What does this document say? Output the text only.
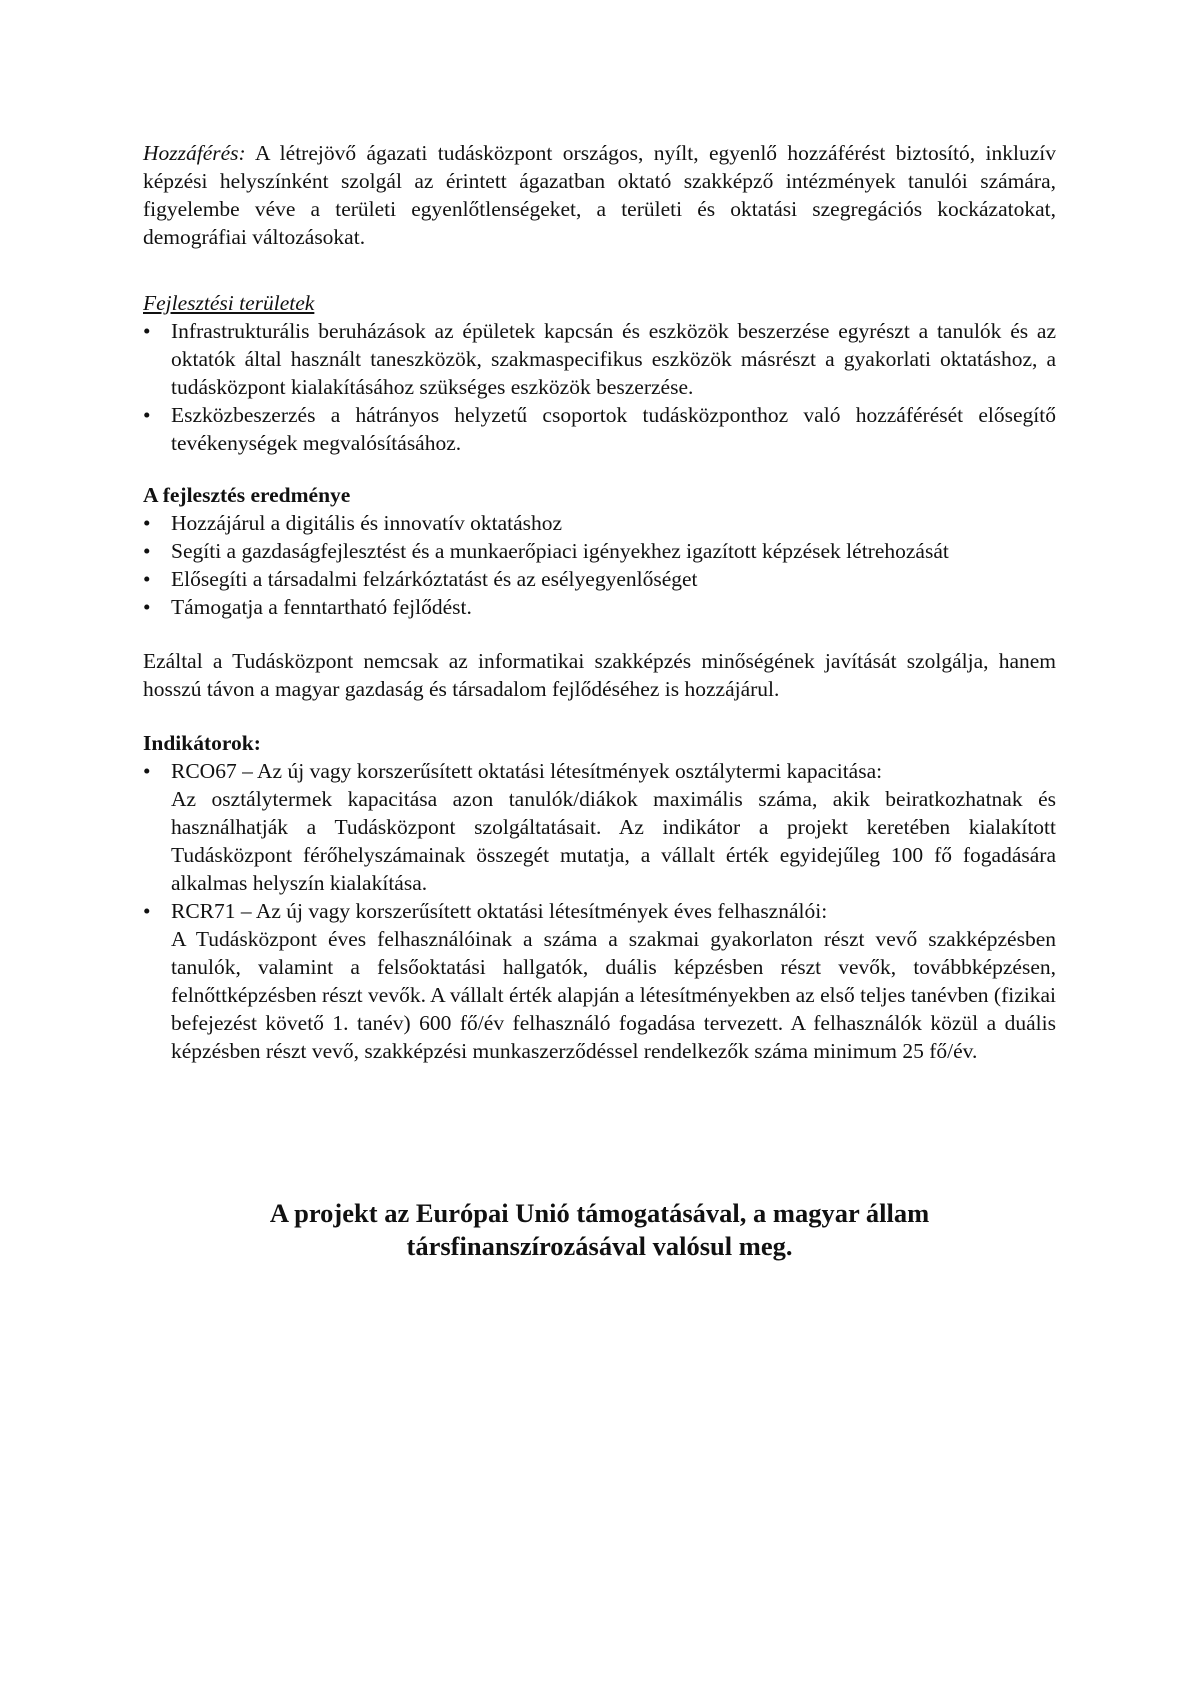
Hozzáférés: A létrejövő ágazati tudásközpont országos, nyílt, egyenlő hozzáférést biztosító, inkluzív képzési helyszínként szolgál az érintett ágazatban oktató szakképző intézmények tanulói számára, figyelembe véve a területi egyenlőtlenségeket, a területi és oktatási szegregációs kockázatokat, demográfiai változásokat.

Fejlesztési területek

• Infrastrukturális beruházások az épületek kapcsán és eszközök beszerzése egyrészt a tanulók és az oktatók által használt taneszközök, szakmaspecifikus eszközök másrészt a gyakorlati oktatáshoz, a tudásközpont kialakításához szükséges eszközök beszerzése.
• Eszközbeszerzés a hátrányos helyzetű csoportok tudásközponthoz való hozzáférését elősegítő tevékenységek megvalósításához.

A fejlesztés eredménye

• Hozzájárul a digitális és innovatív oktatáshoz
• Segíti a gazdaságfejlesztést és a munkaerőpiaci igényekhez igazított képzések létrehozását
• Elősegíti a társadalmi felzárkóztatást és az esélyegyenlőséget
• Támogatja a fenntartható fejlődést.

Ezáltal a Tudásközpont nemcsak az informatikai szakképzés minőségének javítását szolgálja, hanem hosszú távon a magyar gazdaság és társadalom fejlődéséhez is hozzájárul.

Indikátorok:

• RCO67 – Az új vagy korszerűsített oktatási létesítmények osztálytermi kapacitása:
Az osztálytermek kapacitása azon tanulók/diákok maximális száma, akik beiratkozhatnak és használhatják a Tudásközpont szolgáltatásait. Az indikátor a projekt keretében kialakított Tudásközpont férőhelyszámainak összegét mutatja, a vállalt érték egyidejűleg 100 fő fogadására alkalmas helyszín kialakítása.
• RCR71 – Az új vagy korszerűsített oktatási létesítmények éves felhasználói:
A Tudásközpont éves felhasználóinak a száma a szakmai gyakorlaton részt vevő szakképzésben tanulók, valamint a felsőoktatási hallgatók, duális képzésben részt vevők, továbbképzésen, felnőttképzésben részt vevők. A vállalt érték alapján a létesítményekben az első teljes tanévben (fizikai befejezést követő 1. tanév) 600 fő/év felhasználó fogadása tervezett. A felhasználók közül a duális képzésben részt vevő, szakképzési munkaszerződéssel rendelkezők száma minimum 25 fő/év.
A projekt az Európai Unió támogatásával, a magyar állam
társfinanszírozásával valósul meg.
